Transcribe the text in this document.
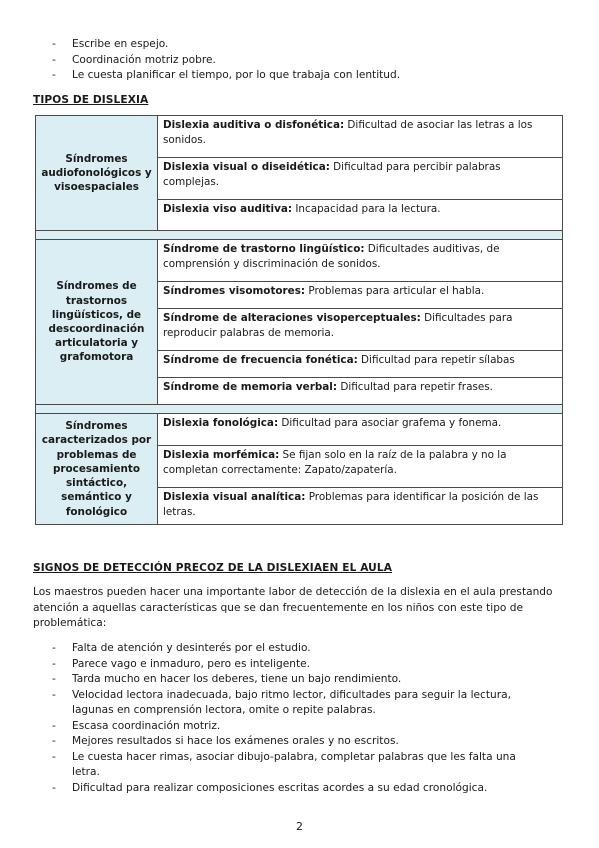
- Escribe en espejo.
- Coordinación motriz pobre.
- Le cuesta planificar el tiempo, por lo que trabaja con lentitud.

TIPOS DE DISLEXIA

Síndromes audiofonológicos y visoespaciales	Dislexia auditiva o disfonética: Dificultad de asociar las letras a los sonidos.
	Dislexia visual o diseidética: Dificultad para percibir palabras complejas.
	Dislexia viso auditiva: Incapacidad para la lectura.

Síndromes de trastornos lingüísticos, de descoordinación articulatoria y grafomotora	Síndrome de trastorno lingüístico: Dificultades auditivas, de comprensión y discriminación de sonidos.
	Síndromes visomotores: Problemas para articular el habla.
	Síndrome de alteraciones visoperceptuales: Dificultades para reproducir palabras de memoria.
	Síndrome de frecuencia fonética: Dificultad para repetir sílabas
	Síndrome de memoria verbal: Dificultad para repetir frases.

Síndromes caracterizados por problemas de procesamiento sintáctico, semántico y fonológico	Dislexia fonológica: Dificultad para asociar grafema y fonema.
	Dislexia morfémica: Se fijan solo en la raíz de la palabra y no la completan correctamente: Zapato/zapatería.
	Dislexia visual analítica: Problemas para identificar la posición de las letras.

SIGNOS DE DETECCIÓN PRECOZ DE LA DISLEXIAEN EL AULA

Los maestros pueden hacer una importante labor de detección de la dislexia en el aula prestando atención a aquellas características que se dan frecuentemente en los niños con este tipo de problemática:

- Falta de atención y desinterés por el estudio.
- Parece vago e inmaduro, pero es inteligente.
- Tarda mucho en hacer los deberes, tiene un bajo rendimiento.
- Velocidad lectora inadecuada, bajo ritmo lector, dificultades para seguir la lectura, lagunas en comprensión lectora, omite o repite palabras.
- Escasa coordinación motriz.
- Mejores resultados si hace los exámenes orales y no escritos.
- Le cuesta hacer rimas, asociar dibujo-palabra, completar palabras que les falta una letra.
- Dificultad para realizar composiciones escritas acordes a su edad cronológica.
2
